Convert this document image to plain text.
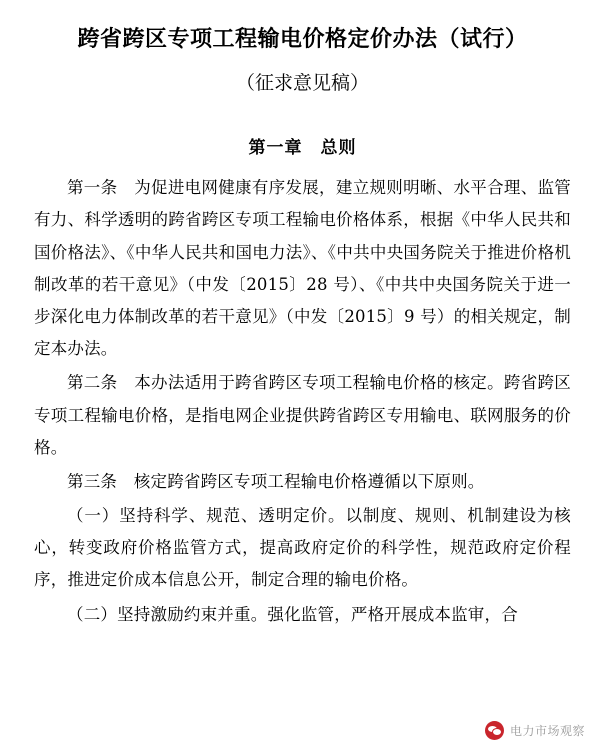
跨省跨区专项工程输电价格定价办法（试行）
（征求意见稿）
第一章　总则

第一条　为促进电网健康有序发展，建立规则明晰、水平合理、监管有力、科学透明的跨省跨区专项工程输电价格体系，根据《中华人民共和国价格法》、《中华人民共和国电力法》、《中共中央国务院关于推进价格机制改革的若干意见》（中发〔2015〕28 号）、《中共中央国务院关于进一步深化电力体制改革的若干意见》（中发〔2015〕9 号）的相关规定，制定本办法。

第二条　本办法适用于跨省跨区专项工程输电价格的核定。跨省跨区专项工程输电价格，是指电网企业提供跨省跨区专用输电、联网服务的价格。

第三条　核定跨省跨区专项工程输电价格遵循以下原则。

（一）坚持科学、规范、透明定价。以制度、规则、机制建设为核心，转变政府价格监管方式，提高政府定价的科学性，规范政府定价程序，推进定价成本信息公开，制定合理的输电价格。

（二）坚持激励约束并重。强化监管，严格开展成本监审，合

电力市场观察
